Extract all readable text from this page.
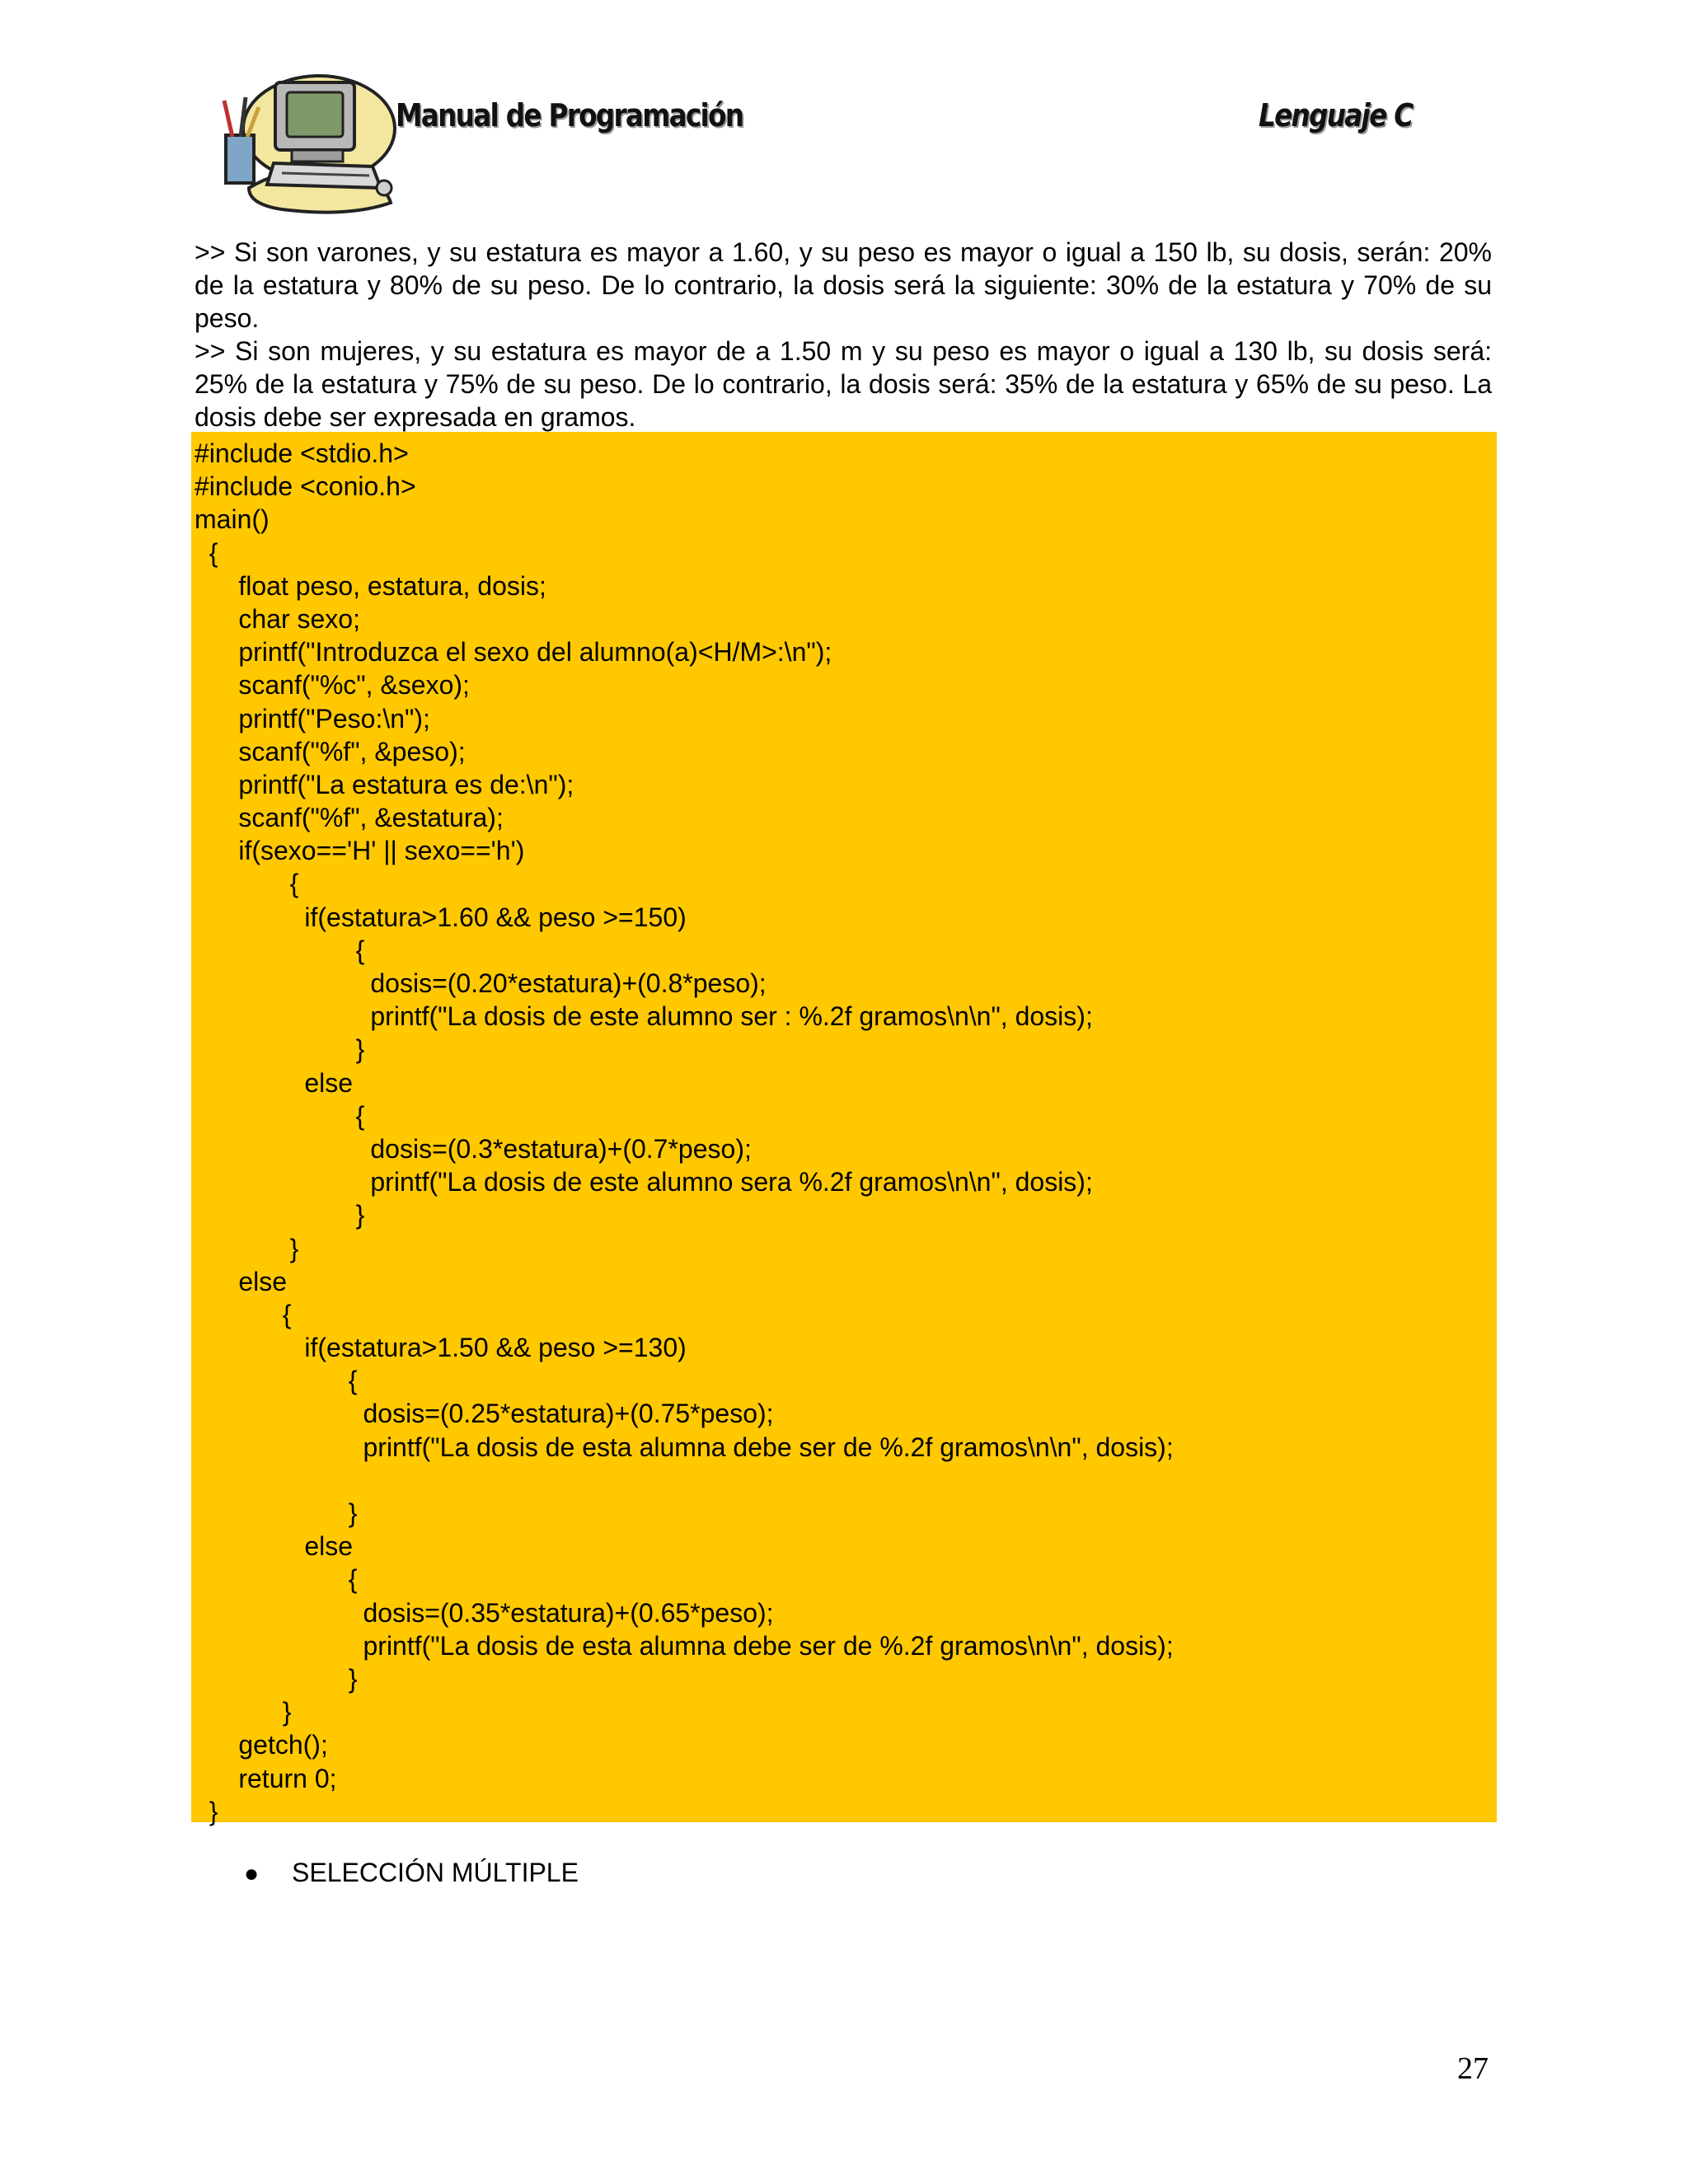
Manual de Programación	Lenguaje C

>> Si son varones, y su estatura es mayor a 1.60, y su peso es mayor o igual a 150 lb, su dosis, serán: 20% de la estatura y 80% de su peso. De lo contrario, la dosis será la siguiente: 30% de la estatura y 70% de su peso.

>> Si son mujeres, y su estatura es mayor de a 1.50 m y su peso es mayor o igual a 130 lb, su dosis será: 25% de la estatura y 75% de su peso. De lo contrario, la dosis será: 35% de la estatura y 65% de su peso. La dosis debe ser expresada en gramos.

#include <stdio.h>
#include <conio.h>
main()
{
float peso, estatura, dosis;
char sexo;
printf("Introduzca el sexo del alumno(a)<H/M>:\n");
scanf("%c", &sexo);
printf("Peso:\n");
scanf("%f", &peso);
printf("La estatura es de:\n");
scanf("%f", &estatura);
if(sexo=='H' || sexo=='h')
{
if(estatura>1.60 && peso >=150)
{
dosis=(0.20*estatura)+(0.8*peso);
printf("La dosis de este alumno ser : %.2f gramos\n\n", dosis);
}
else
{
dosis=(0.3*estatura)+(0.7*peso);
printf("La dosis de este alumno sera %.2f gramos\n\n", dosis);
}
}
else
{
if(estatura>1.50 && peso >=130)
{
dosis=(0.25*estatura)+(0.75*peso);
printf("La dosis de esta alumna debe ser de %.2f gramos\n\n", dosis);
}
else
{
dosis=(0.35*estatura)+(0.65*peso);
printf("La dosis de esta alumna debe ser de %.2f gramos\n\n", dosis);
}
}
getch();
return 0;
}
● SELECCIÓN MÚLTIPLE
27
